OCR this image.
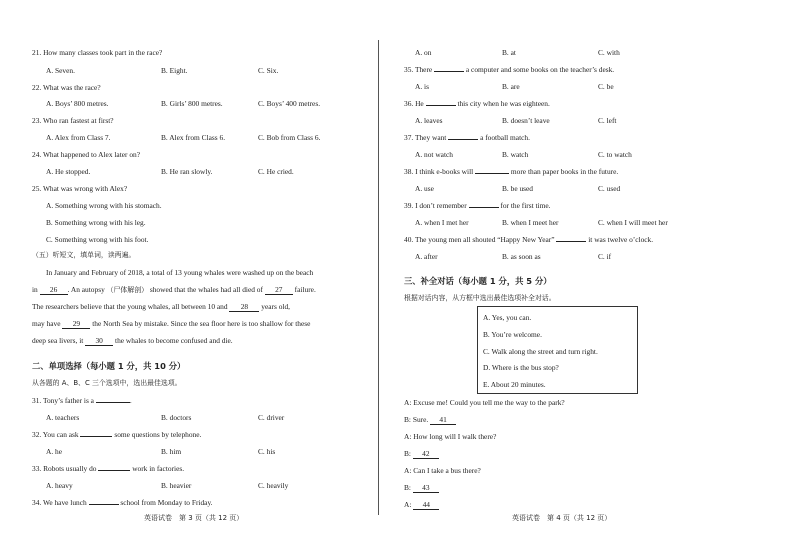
21. How many classes took part in the race?
A. Seven.	B. Eight.	C. Six.
22. What was the race?
A. Boys’ 800 metres.	B. Girls’ 800 metres.	C. Boys’ 400 metres.
23. Who ran fastest at first?
A. Alex from Class 7.	B. Alex from Class 6.	C. Bob from Class 6.
24. What happened to Alex later on?
A. He stopped.	B. He ran slowly.	C. He cried.
25. What was wrong with Alex?
A. Something wrong with his stomach.
B. Something wrong with his leg.
C. Something wrong with his foot.
（五）听短文，填单词，读两遍。
In January and February of 2018, a total of 13 young whales were washed up on the beach
in 26 . An autopsy （尸体解剖） showed that the whales had all died of 27 failure.
The researchers believe that the young whales, all between 10 and 28 years old,
may have 29 the North Sea by mistake. Since the sea floor here is too shallow for these
deep sea livers, it 30 the whales to become confused and die.
二、单项选择（每小题 1 分，共 10 分）
从各题的 A、B、C 三个选项中，选出最佳选项。
31. Tony’s father is a	.
A. teachers	B. doctors	C. driver
32. You can ask	some questions by telephone.
A. he	B. him	C. his
33. Robots usually do	work in factories.
A. heavy	B. heavier	C. heavily
34. We have lunch	school from Monday to Friday.
英语试卷　第 3 页（共 12 页）
A. on	B. at	C. with
35. There	a computer and some books on the teacher’s desk.
A. is	B. are	C. be
36. He	this city when he was eighteen.
A. leaves	B. doesn’t leave	C. left
37. They want	a football match.
A. not watch	B. watch	C. to watch
38. I think e-books will	more than paper books in the future.
A. use	B. be used	C. used
39. I don’t remember	for the first time.
A. when I met her	B. when I meet her	C. when I will meet her
40. The young men all shouted “Happy New Year”	it was twelve o’clock.
A. after	B. as soon as	C. if
三、补全对话（每小题 1 分，共 5 分）
根据对话内容，从方框中选出最佳选项补全对话。
A. Yes, you can.
B. You’re welcome.
C. Walk along the street and turn right.
D. Where is the bus stop?
E. About 20 minutes.
A: Excuse me! Could you tell me the way to the park?
B: Sure. 41
A: How long will I walk there?
B: 42
A: Can I take a bus there?
B: 43
A: 44
英语试卷　第 4 页（共 12 页）
